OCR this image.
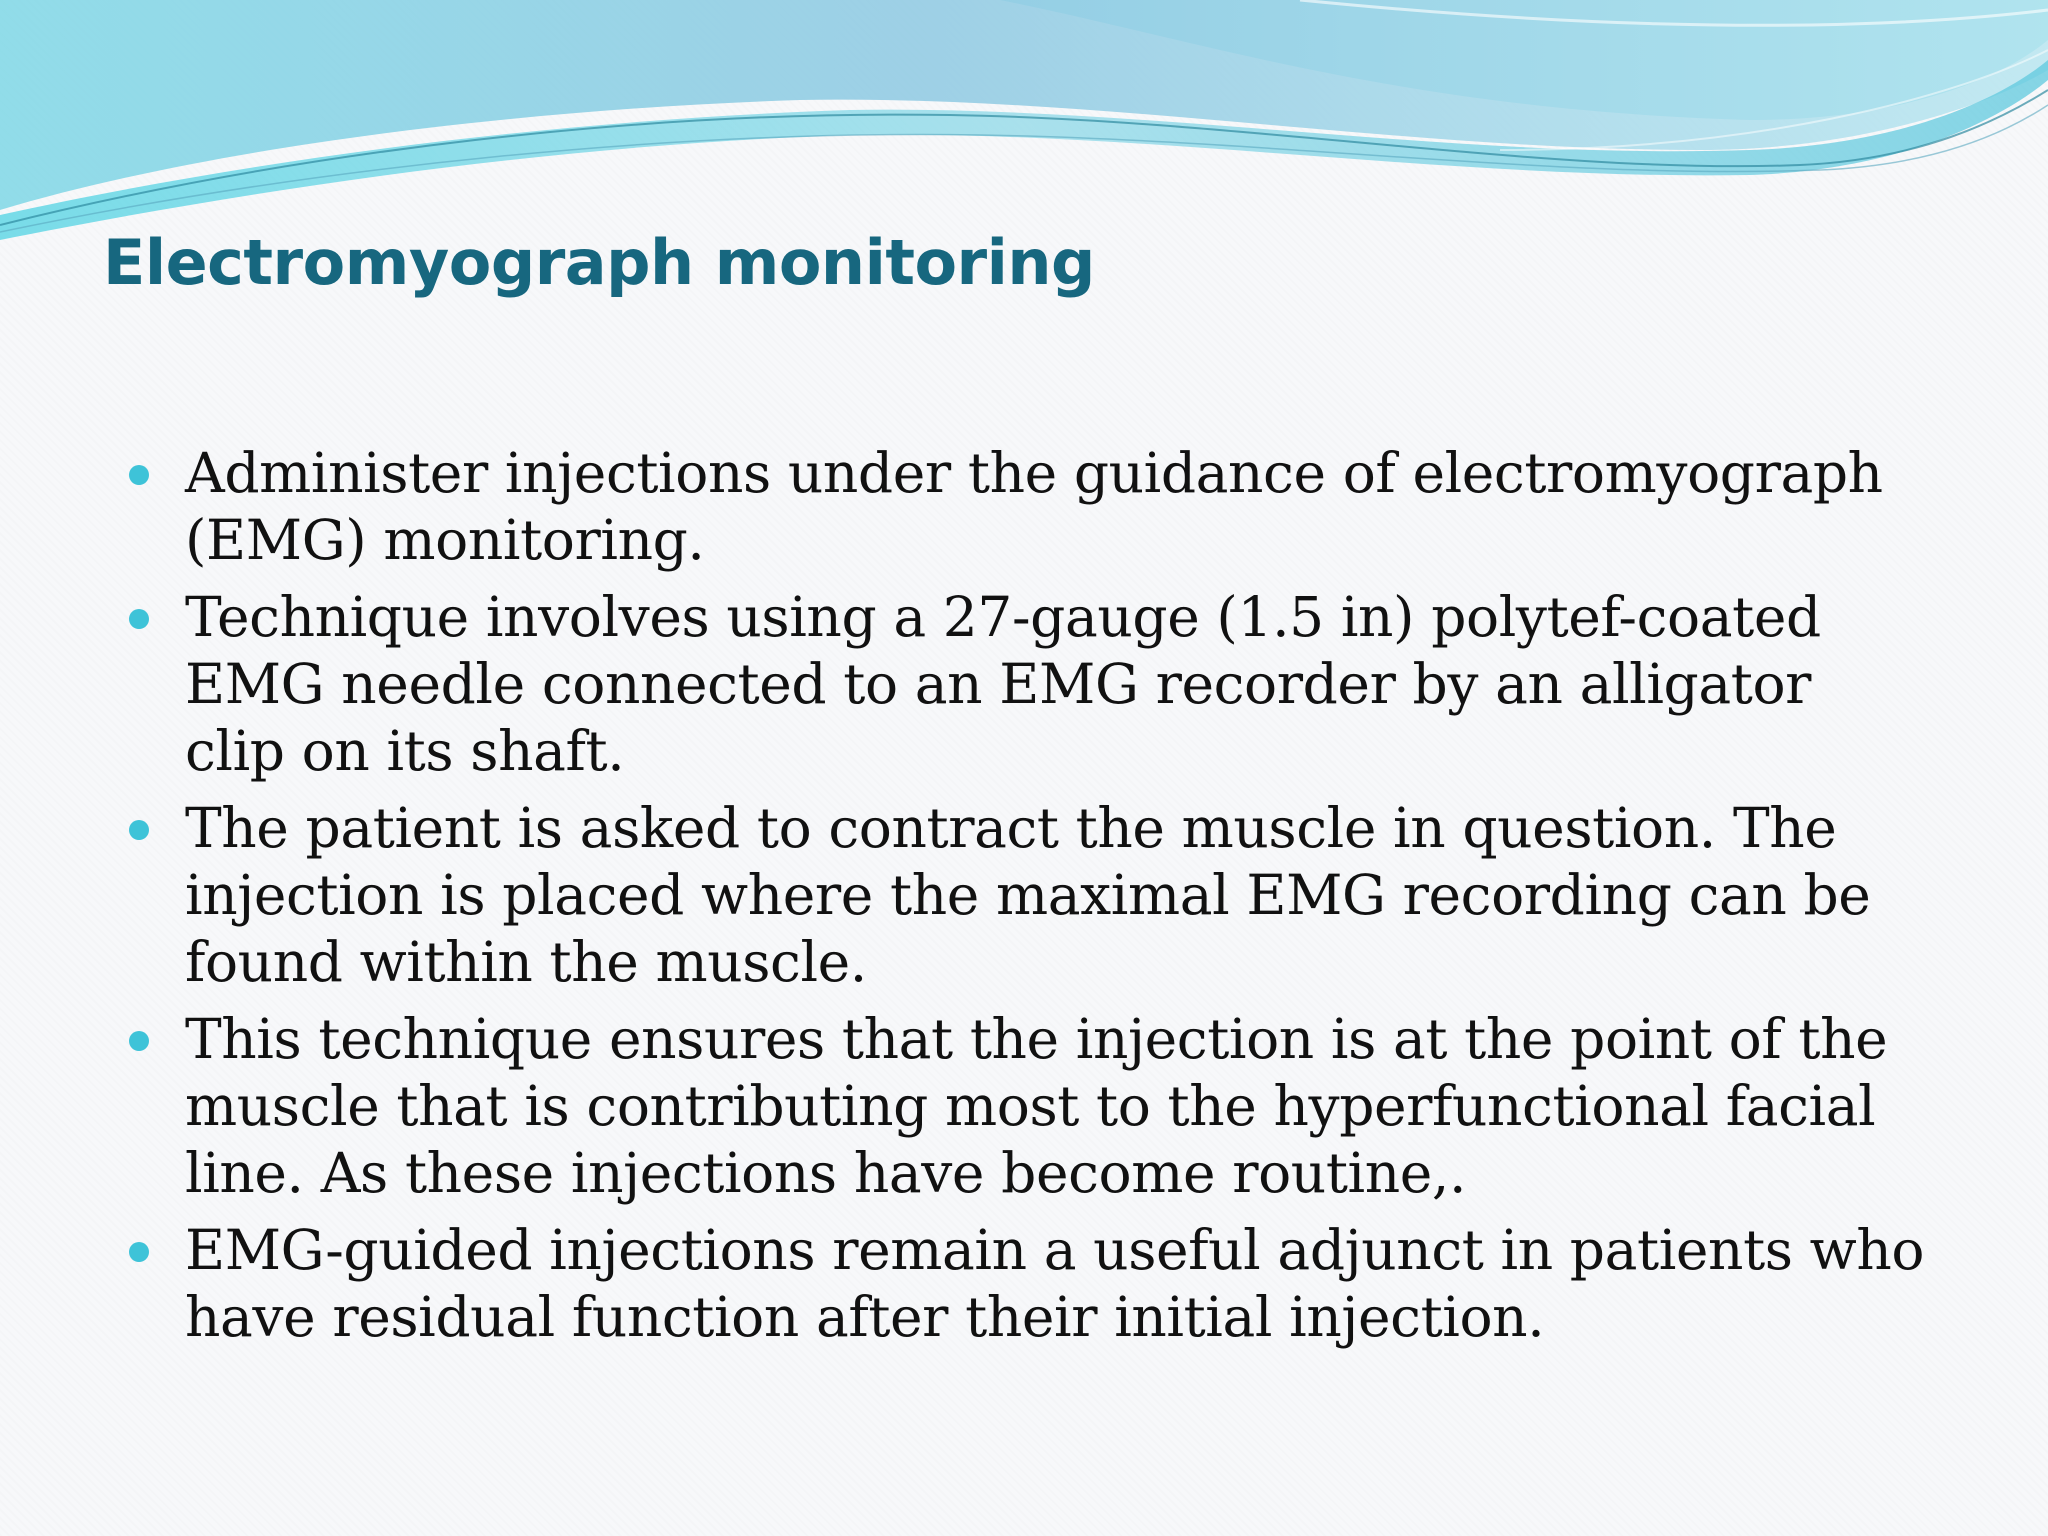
Electromyograph monitoring
Administer injections under the guidance of electromyograph (EMG) monitoring.
Technique involves using a 27-gauge (1.5 in) polytef-coated EMG needle connected to an EMG recorder by an alligator clip on its shaft.
The patient is asked to contract the muscle in question. The injection is placed where the maximal EMG recording can be found within the muscle.
This technique ensures that the injection is at the point of the muscle that is contributing most to the hyperfunctional facial line. As these injections have become routine,.
EMG-guided injections remain a useful adjunct in patients who have residual function after their initial injection.
